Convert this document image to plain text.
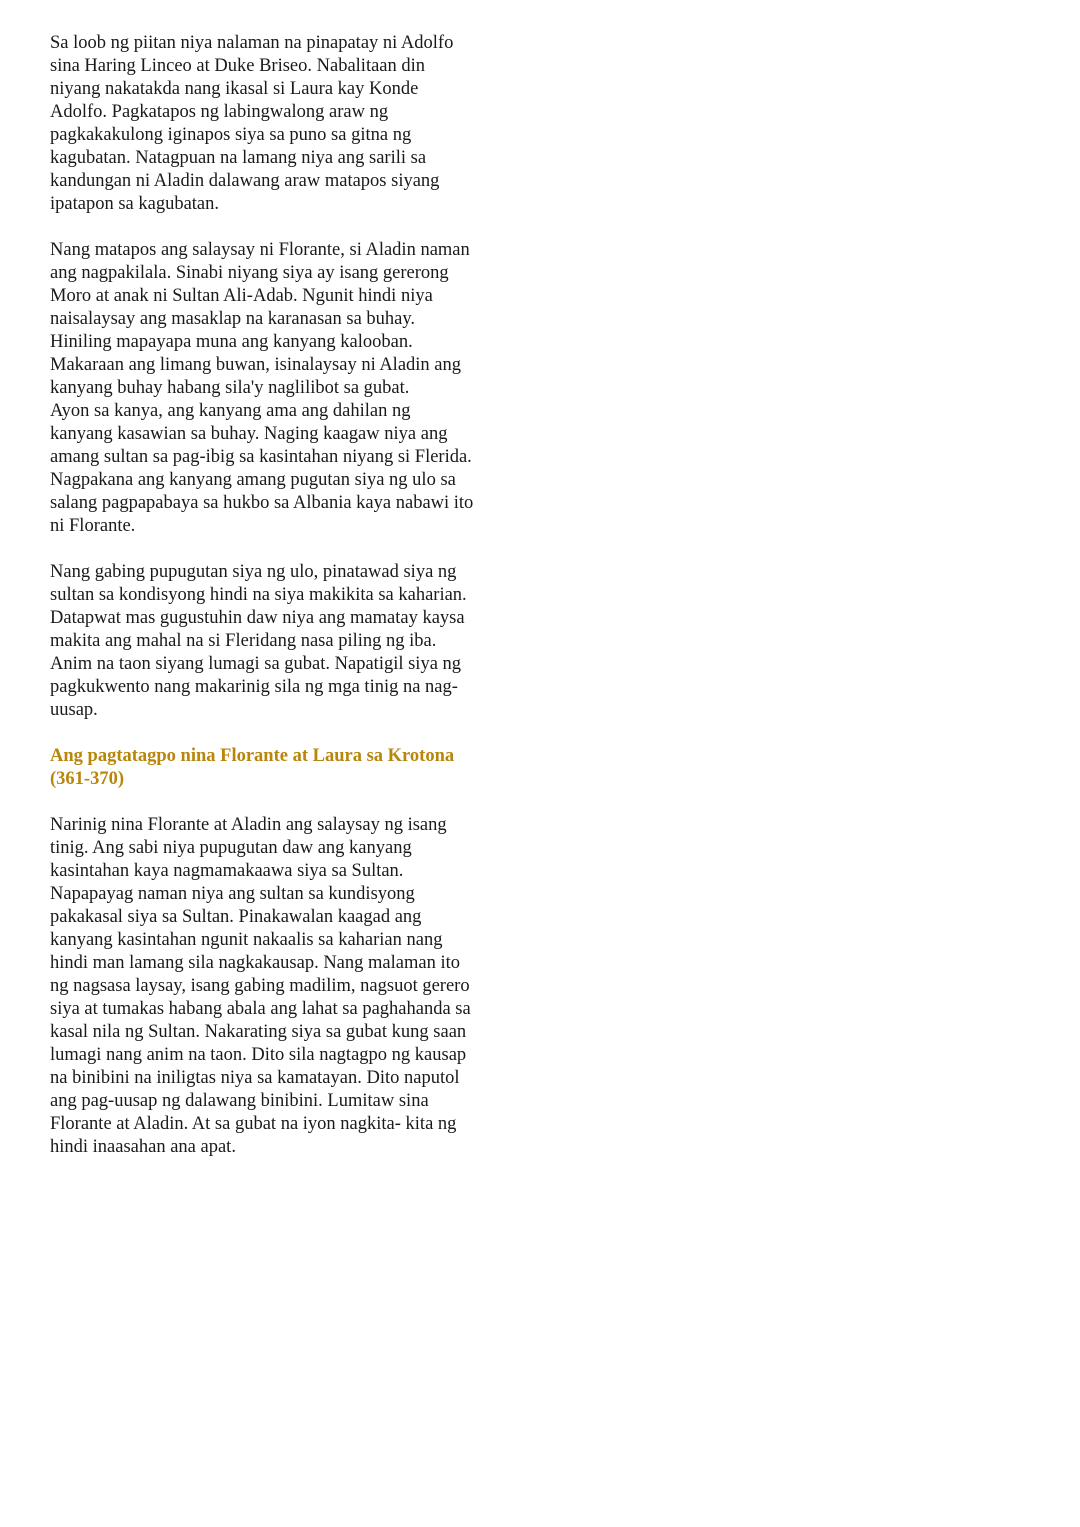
Sa loob ng piitan niya nalaman na pinapatay ni Adolfo
sina Haring Linceo at Duke Briseo. Nabalitaan din
niyang nakatakda nang ikasal si Laura kay Konde
Adolfo. Pagkatapos ng labingwalong araw ng
pagkakakulong iginapos siya sa puno sa gitna ng
kagubatan. Natagpuan na lamang niya ang sarili sa
kandungan ni Aladin dalawang araw matapos siyang
ipatapon sa kagubatan.

Nang matapos ang salaysay ni Florante, si Aladin naman
ang nagpakilala. Sinabi niyang siya ay isang gererong
Moro at anak ni Sultan Ali-Adab. Ngunit hindi niya
naisalaysay ang masaklap na karanasan sa buhay.
Hiniling mapayapa muna ang kanyang kalooban.
Makaraan ang limang buwan, isinalaysay ni Aladin ang
kanyang buhay habang sila'y naglilibot sa gubat.
Ayon sa kanya, ang kanyang ama ang dahilan ng
kanyang kasawian sa buhay. Naging kaagaw niya ang
amang sultan sa pag-ibig sa kasintahan niyang si Flerida.
Nagpakana ang kanyang amang pugutan siya ng ulo sa
salang pagpapabaya sa hukbo sa Albania kaya nabawi ito
ni Florante.

Nang gabing pupugutan siya ng ulo, pinatawad siya ng
sultan sa kondisyong hindi na siya makikita sa kaharian.
Datapwat mas gugustuhin daw niya ang mamatay kaysa
makita ang mahal na si Fleridang nasa piling ng iba.
Anim na taon siyang lumagi sa gubat. Napatigil siya ng
pagkukwento nang makarinig sila ng mga tinig na nag-
uusap.

Ang pagtatagpo nina Florante at Laura sa Krotona
(361-370)

Narinig nina Florante at Aladin ang salaysay ng isang
tinig. Ang sabi niya pupugutan daw ang kanyang
kasintahan kaya nagmamakaawa siya sa Sultan.
Napapayag naman niya ang sultan sa kundisyong
pakakasal siya sa Sultan. Pinakawalan kaagad ang
kanyang kasintahan ngunit nakaalis sa kaharian nang
hindi man lamang sila nagkakausap. Nang malaman ito
ng nagsasa laysay, isang gabing madilim, nagsuot gerero
siya at tumakas habang abala ang lahat sa paghahanda sa
kasal nila ng Sultan. Nakarating siya sa gubat kung saan
lumagi nang anim na taon. Dito sila nagtagpo ng kausap
na binibini na iniligtas niya sa kamatayan. Dito naputol
ang pag-uusap ng dalawang binibini. Lumitaw sina
Florante at Aladin. At sa gubat na iyon nagkita- kita ng
hindi inaasahan ana apat.
